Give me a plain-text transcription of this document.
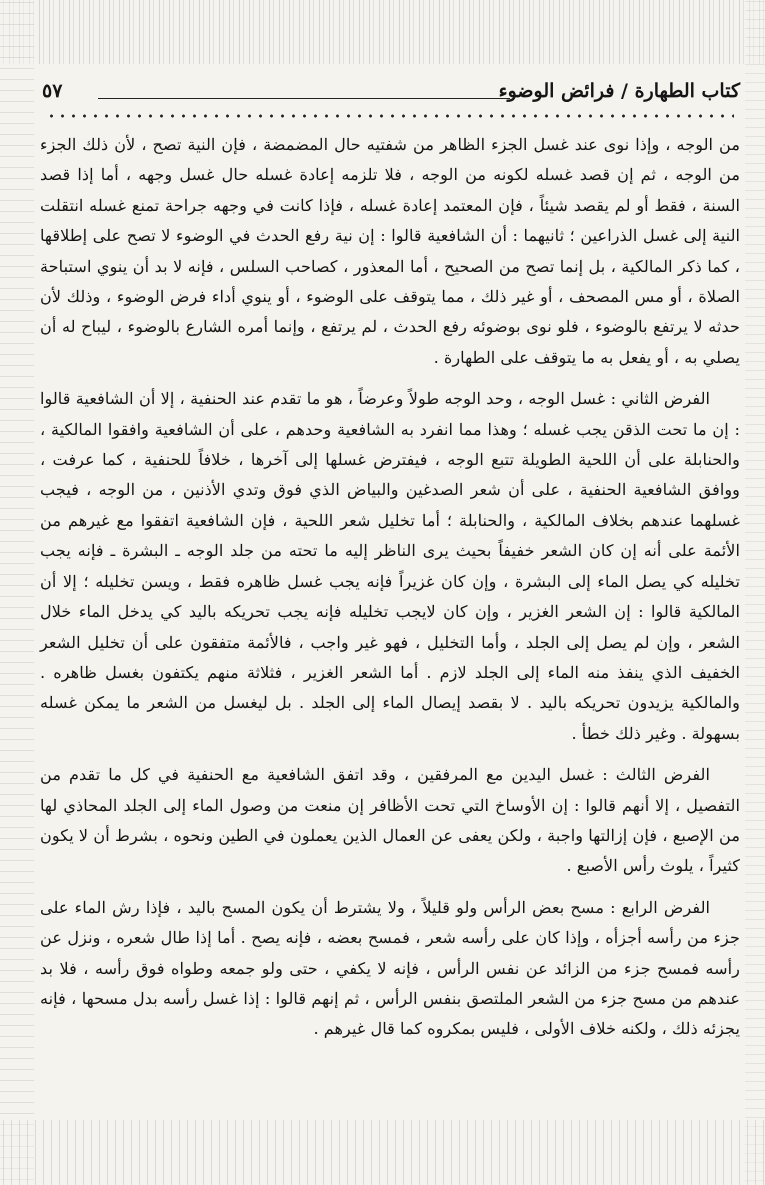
كتاب الطهارة / فرائض الوضوء
٥٧

من الوجه ، وإذا نوى عند غسل الجزء الظاهر من شفتيه حال المضمضة ، فإن النية تصح ، لأن ذلك الجزء من الوجه ، ثم إن قصد غسله لكونه من الوجه ، فلا تلزمه إعادة غسله حال غسل وجهه ، أما إذا قصد السنة ، فقط أو لم يقصد شيئاً ، فإن المعتمد إعادة غسله ، فإذا كانت في وجهه جراحة تمنع غسله انتقلت النية إلى غسل الذراعين ؛ ثانيهما : أن الشافعية قالوا : إن نية رفع الحدث في الوضوء لا تصح على إطلاقها ، كما ذكر المالكية ، بل إنما تصح من الصحيح ، أما المعذور ، كصاحب السلس ، فإنه لا بد أن ينوي استباحة الصلاة ، أو مس المصحف ، أو غير ذلك ، مما يتوقف على الوضوء ، أو ينوي أداء فرض الوضوء ، وذلك لأن حدثه لا يرتفع بالوضوء ، فلو نوى بوضوئه رفع الحدث ، لم يرتفع ، وإنما أمره الشارع بالوضوء ، ليباح له أن يصلي به ، أو يفعل به ما يتوقف على الطهارة .

الفرض الثاني : غسل الوجه ، وحد الوجه طولاً وعرضاً ، هو ما تقدم عند الحنفية ، إلا أن الشافعية قالوا : إن ما تحت الذقن يجب غسله ؛ وهذا مما انفرد به الشافعية وحدهم ، على أن الشافعية وافقوا المالكية ، والحنابلة على أن اللحية الطويلة تتبع الوجه ، فيفترض غسلها إلى آخرها ، خلافاً للحنفية ، كما عرفت ، ووافق الشافعية الحنفية ، على أن شعر الصدغين والبياض الذي فوق وتدي الأذنين ، من الوجه ، فيجب غسلهما عندهم بخلاف المالكية ، والحنابلة ؛ أما تخليل شعر اللحية ، فإن الشافعية اتفقوا مع غيرهم من الأئمة على أنه إن كان الشعر خفيفاً بحيث يرى الناظر إليه ما تحته من جلد الوجه ـ البشرة ـ فإنه يجب تخليله كي يصل الماء إلى البشرة ، وإن كان غزيراً فإنه يجب غسل ظاهره فقط ، ويسن تخليله ؛ إلا أن المالكية قالوا : إن الشعر الغزير ، وإن كان لايجب تخليله فإنه يجب تحريكه باليد كي يدخل الماء خلال الشعر ، وإن لم يصل إلى الجلد ، وأما التخليل ، فهو غير واجب ، فالأئمة متفقون على أن تخليل الشعر الخفيف الذي ينفذ منه الماء إلى الجلد لازم . أما الشعر الغزير ، فثلاثة منهم يكتفون بغسل ظاهره . والمالكية يزيدون تحريكه باليد . لا بقصد إيصال الماء إلى الجلد . بل ليغسل من الشعر ما يمكن غسله بسهولة . وغير ذلك خطأ .

الفرض الثالث : غسل اليدين مع المرفقين ، وقد اتفق الشافعية مع الحنفية في كل ما تقدم من التفصيل ، إلا أنهم قالوا : إن الأوساخ التي تحت الأظافر إن منعت من وصول الماء إلى الجلد المحاذي لها من الإصبع ، فإن إزالتها واجبة ، ولكن يعفى عن العمال الذين يعملون في الطين ونحوه ، بشرط أن لا يكون كثيراً ، يلوث رأس الأصبع .

الفرض الرابع : مسح بعض الرأس ولو قليلاً ، ولا يشترط أن يكون المسح باليد ، فإذا رش الماء على جزء من رأسه أجزأه ، وإذا كان على رأسه شعر ، فمسح بعضه ، فإنه يصح . أما إذا طال شعره ، ونزل عن رأسه فمسح جزء من الزائد عن نفس الرأس ، فإنه لا يكفي ، حتى ولو جمعه وطواه فوق رأسه ، فلا بد عندهم من مسح جزء من الشعر الملتصق بنفس الرأس ، ثم إنهم قالوا : إذا غسل رأسه بدل مسحها ، فإنه يجزئه ذلك ، ولكنه خلاف الأولى ، فليس بمكروه كما قال غيرهم .
